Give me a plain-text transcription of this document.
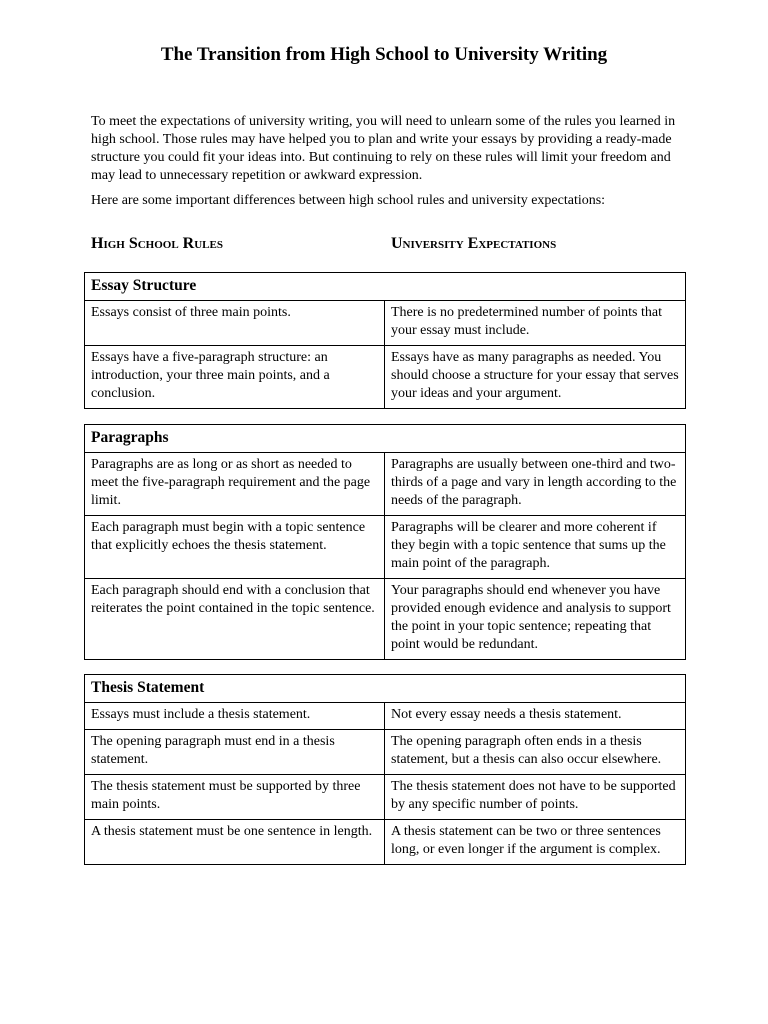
The Transition from High School to University Writing

To meet the expectations of university writing, you will need to unlearn some of the rules you learned in high school. Those rules may have helped you to plan and write your essays by providing a ready-made structure you could fit your ideas into. But continuing to rely on these rules will limit your freedom and may lead to unnecessary repetition or awkward expression.

Here are some important differences between high school rules and university expectations:

High School Rules	University Expectations
Essay Structure	
Essays consist of three main points.	There is no predetermined number of points that your essay must include.
Essays have a five-paragraph structure: an introduction, your three main points, and a conclusion.	Essays have as many paragraphs as needed. You should choose a structure for your essay that serves your ideas and your argument.
Paragraphs	
Paragraphs are as long or as short as needed to meet the five-paragraph requirement and the page limit.	Paragraphs are usually between one-third and two-thirds of a page and vary in length according to the needs of the paragraph.
Each paragraph must begin with a topic sentence that explicitly echoes the thesis statement.	Paragraphs will be clearer and more coherent if they begin with a topic sentence that sums up the main point of the paragraph.
Each paragraph should end with a conclusion that reiterates the point contained in the topic sentence.	Your paragraphs should end whenever you have provided enough evidence and analysis to support the point in your topic sentence; repeating that point would be redundant.
Thesis Statement	
Essays must include a thesis statement.	Not every essay needs a thesis statement.
The opening paragraph must end in a thesis statement.	The opening paragraph often ends in a thesis statement, but a thesis can also occur elsewhere.
The thesis statement must be supported by three main points.	The thesis statement does not have to be supported by any specific number of points.
A thesis statement must be one sentence in length.	A thesis statement can be two or three sentences long, or even longer if the argument is complex.
